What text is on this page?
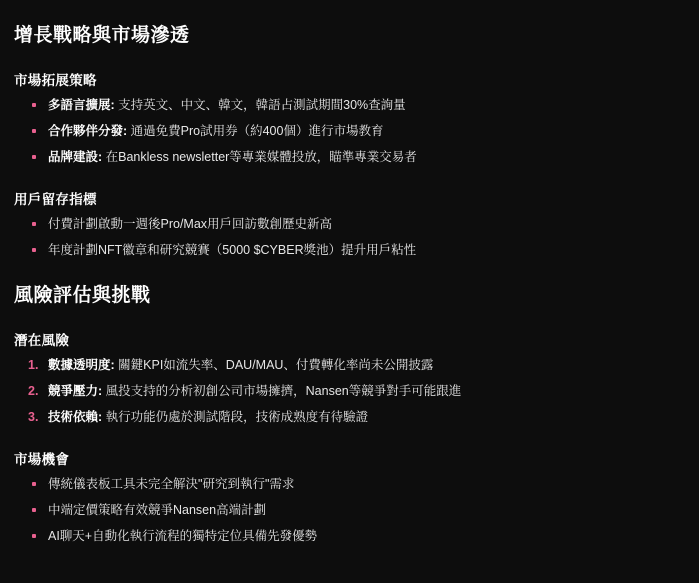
增長戰略與市場滲透
市場拓展策略
多語言擴展: 支持英文、中文、韓文，韓語占測試期間30%查詢量
合作夥伴分發: 通過免費Pro試用券（約400個）進行市場教育
品牌建設: 在Bankless newsletter等專業媒體投放，瞄準專業交易者
用戶留存指標
付費計劃啟動一週後Pro/Max用戶回訪數創歷史新高
年度計劃NFT徽章和研究競賽（5000 $CYBER獎池）提升用戶粘性
風險評估與挑戰
潛在風險
數據透明度: 關鍵KPI如流失率、DAU/MAU、付費轉化率尚未公開披露
競爭壓力: 風投支持的分析初創公司市場擁擠，Nansen等競爭對手可能跟進
技術依賴: 執行功能仍處於測試階段，技術成熟度有待驗證
市場機會
傳統儀表板工具未完全解決"研究到執行"需求
中端定價策略有效競爭Nansen高端計劃
AI聊天+自動化執行流程的獨特定位具備先發優勢
